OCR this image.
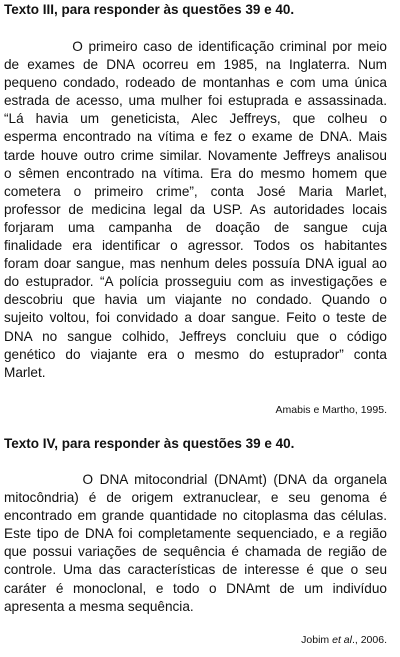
Texto III, para responder às questões 39 e 40.
O primeiro caso de identificação criminal por meio
de exames de DNA ocorreu em 1985, na Inglaterra. Num
pequeno condado, rodeado de montanhas e com uma única
estrada de acesso, uma mulher foi estuprada e assassinada.
“Lá havia um geneticista, Alec Jeffreys, que colheu o
esperma encontrado na vítima e fez o exame de DNA. Mais
tarde houve outro crime similar. Novamente Jeffreys analisou
o sêmen encontrado na vítima. Era do mesmo homem que
cometera o primeiro crime”, conta José Maria Marlet,
professor de medicina legal da USP. As autoridades locais
forjaram uma campanha de doação de sangue cuja
finalidade era identificar o agressor. Todos os habitantes
foram doar sangue, mas nenhum deles possuía DNA igual ao
do estuprador. “A polícia prosseguiu com as investigações e
descobriu que havia um viajante no condado. Quando o
sujeito voltou, foi convidado a doar sangue. Feito o teste de
DNA no sangue colhido, Jeffreys concluiu que o código
genético do viajante era o mesmo do estuprador” conta
Marlet.
Amabis e Martho, 1995.
Texto IV, para responder às questões 39 e 40.
O DNA mitocondrial (DNAmt) (DNA da organela
mitocôndria) é de origem extranuclear, e seu genoma é
encontrado em grande quantidade no citoplasma das células.
Este tipo de DNA foi completamente sequenciado, e a região
que possui variações de sequência é chamada de região de
controle. Uma das características de interesse é que o seu
caráter é monoclonal, e todo o DNAmt de um indivíduo
apresenta a mesma sequência.
Jobim et al., 2006.
